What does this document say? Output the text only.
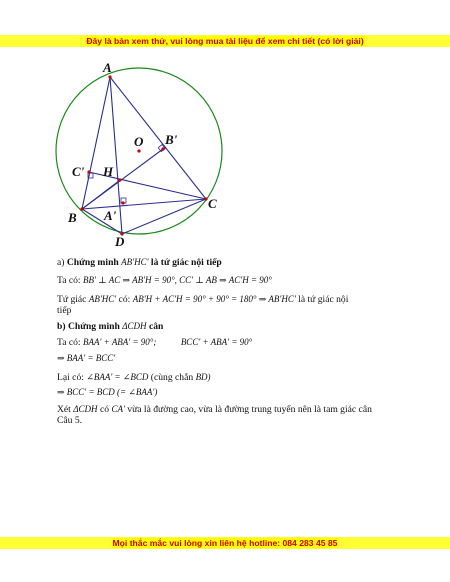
Đây là bản xem thử, vui lòng mua tài liệu để xem chi tiết (có lời giải)
A
B
C
D
O
H
B'
C'
A'
a) Chứng minh AB'HC' là tứ giác nội tiếp
Ta có: BB' ⊥ AC ⇒ AB'H = 90°, CC' ⊥ AB ⇒ AC'H = 90°
Tứ giác AB'HC' có: AB'H + AC'H = 90° + 90° = 180° ⇒ AB'HC' là tứ giác nội
tiếp
b) Chứng minh ΔCDH cân
Ta có: BAA' + ABA' = 90°;	BCC' + ABA' = 90°
⇒ BAA' = BCC'
Lại có: ∠BAA' = ∠BCD (cùng chắn BD)
⇒ BCC' = BCD (= ∠BAA')
Xét ΔCDH có CA' vừa là đường cao, vừa là đường trung tuyến nên là tam giác cân
Câu 5.
Mọi thắc mắc vui lòng xin liên hệ hotline: 084 283 45 85
